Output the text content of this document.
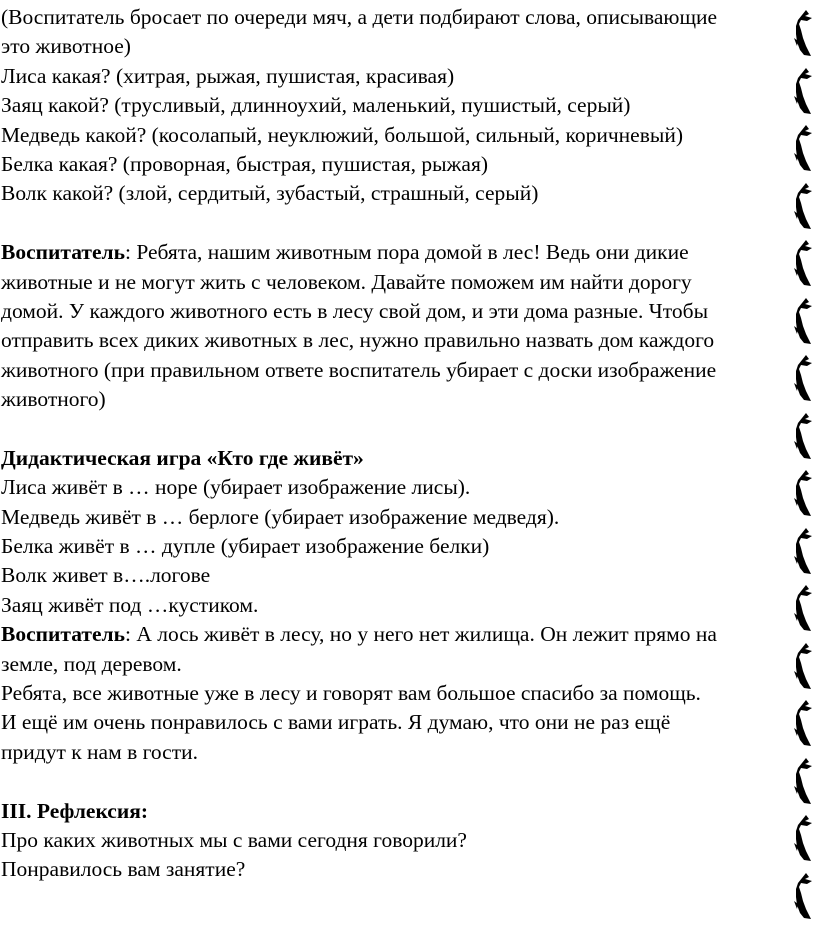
(Воспитатель бросает по очереди мяч, а дети подбирают слова, описывающие
это животное)
Лиса какая? (хитрая, рыжая, пушистая, красивая)
Заяц какой? (трусливый, длинноухий, маленький, пушистый, серый)
Медведь какой? (косолапый, неуклюжий, большой, сильный, коричневый)
Белка какая? (проворная, быстрая, пушистая, рыжая)
Волк какой? (злой, сердитый, зубастый, страшный, серый)
Воспитатель: Ребята, нашим животным пора домой в лес! Ведь они дикие
животные и не могут жить с человеком. Давайте поможем им найти дорогу
домой. У каждого животного есть в лесу свой дом, и эти дома разные. Чтобы
отправить всех диких животных в лес, нужно правильно назвать дом каждого
животного (при правильном ответе воспитатель убирает с доски изображение
животного)
Дидактическая игра «Кто где живёт»
Лиса живёт в … норе (убирает изображение лисы).
Медведь живёт в … берлоге (убирает изображение медведя).
Белка живёт в … дупле (убирает изображение белки)
Волк живет в….логове
Заяц живёт под …кустиком.
Воспитатель: А лось живёт в лесу, но у него нет жилища. Он лежит прямо на
земле, под деревом.
Ребята, все животные уже в лесу и говорят вам большое спасибо за помощь.
И ещё им очень понравилось с вами играть. Я думаю, что они не раз ещё
придут к нам в гости.
III. Рефлексия:
Про каких животных мы с вами сегодня говорили?
Понравилось вам занятие?
